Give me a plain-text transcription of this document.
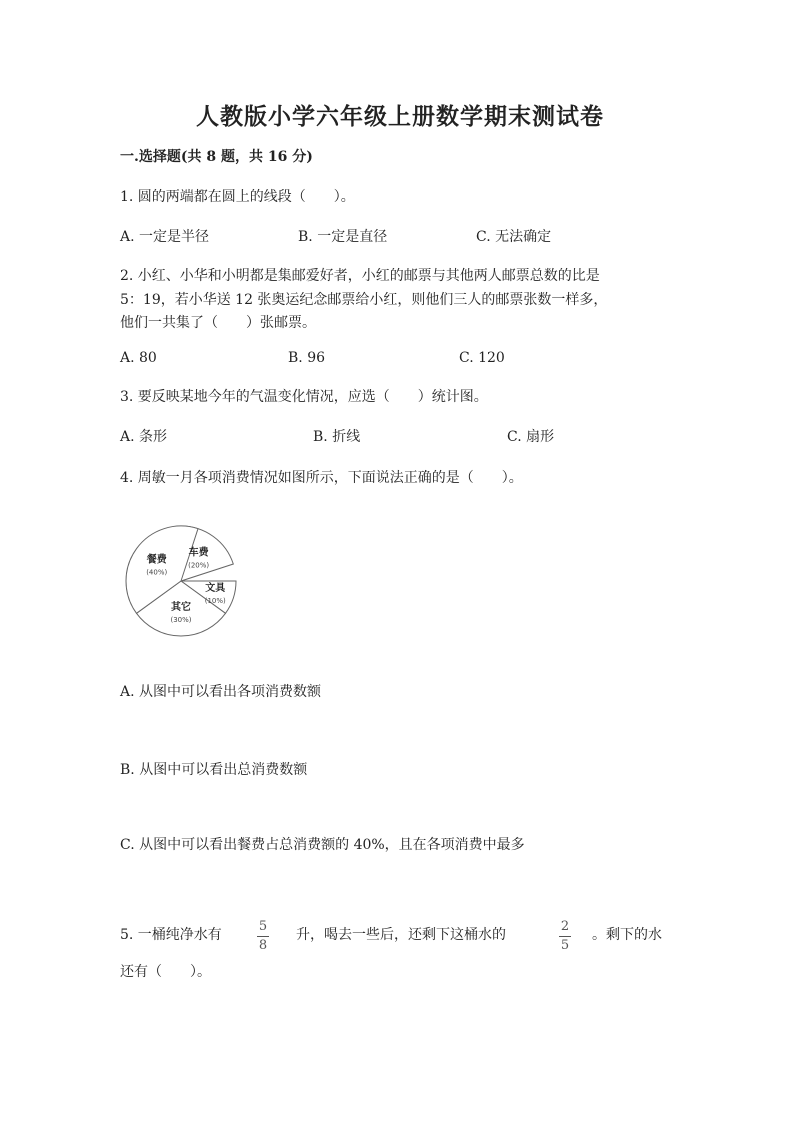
人教版小学六年级上册数学期末测试卷
一.选择题(共 8 题，共 16 分)
1. 圆的两端都在圆上的线段（　　）。
A. 一定是半径	B. 一定是直径	C. 无法确定
2. 小红、小华和小明都是集邮爱好者，小红的邮票与其他两人邮票总数的比是
5：19，若小华送 12 张奥运纪念邮票给小红，则他们三人的邮票张数一样多，
他们一共集了（　　）张邮票。
A. 80	B. 96	C. 120
3. 要反映某地今年的气温变化情况，应选（　　）统计图。
A. 条形	B. 折线	C. 扇形
4. 周敏一月各项消费情况如图所示，下面说法正确的是（　　）。
车费
(20%)
文具
(10%)
其它
(30%)
餐费
(40%)
A. 从图中可以看出各项消费数额
B. 从图中可以看出总消费数额
C. 从图中可以看出餐费占总消费额的 40%，且在各项消费中最多
5. 一桶纯净水有
5
8
升，喝去一些后，还剩下这桶水的
2
5
。剩下的水
还有（　　）。
